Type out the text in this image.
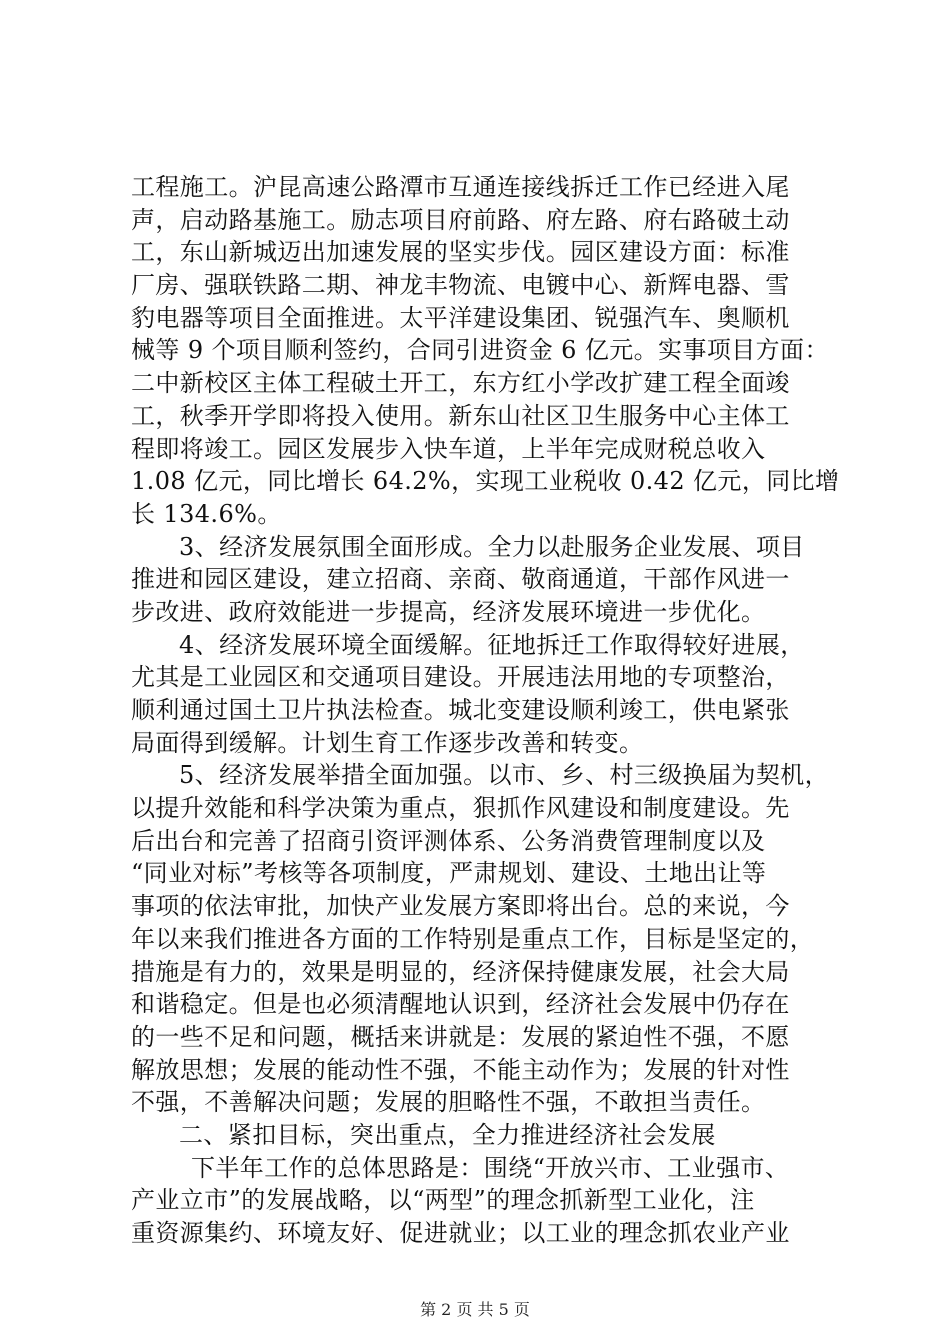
工程施工。沪昆高速公路潭市互通连接线拆迁工作已经进入尾
声，启动路基施工。励志项目府前路、府左路、府右路破土动
工，东山新城迈出加速发展的坚实步伐。园区建设方面：标准
厂房、强联铁路二期、神龙丰物流、电镀中心、新辉电器、雪
豹电器等项目全面推进。太平洋建设集团、锐强汽车、奥顺机
械等 9 个项目顺利签约，合同引进资金 6 亿元。实事项目方面：
二中新校区主体工程破土开工，东方红小学改扩建工程全面竣
工，秋季开学即将投入使用。新东山社区卫生服务中心主体工
程即将竣工。园区发展步入快车道，上半年完成财税总收入
1.08 亿元，同比增长 64.2%，实现工业税收 0.42 亿元，同比增
长 134.6%。
3、经济发展氛围全面形成。全力以赴服务企业发展、项目
推进和园区建设，建立招商、亲商、敬商通道，干部作风进一
步改进、政府效能进一步提高，经济发展环境进一步优化。
4、经济发展环境全面缓解。征地拆迁工作取得较好进展，
尤其是工业园区和交通项目建设。开展违法用地的专项整治，
顺利通过国土卫片执法检查。城北变建设顺利竣工，供电紧张
局面得到缓解。计划生育工作逐步改善和转变。
5、经济发展举措全面加强。以市、乡、村三级换届为契机，
以提升效能和科学决策为重点，狠抓作风建设和制度建设。先
后出台和完善了招商引资评测体系、公务消费管理制度以及
“同业对标”考核等各项制度，严肃规划、建设、土地出让等
事项的依法审批，加快产业发展方案即将出台。总的来说，今
年以来我们推进各方面的工作特别是重点工作，目标是坚定的，
措施是有力的，效果是明显的，经济保持健康发展，社会大局
和谐稳定。但是也必须清醒地认识到，经济社会发展中仍存在
的一些不足和问题，概括来讲就是：发展的紧迫性不强，不愿
解放思想；发展的能动性不强，不能主动作为；发展的针对性
不强，不善解决问题；发展的胆略性不强，不敢担当责任。
二、紧扣目标，突出重点，全力推进经济社会发展
下半年工作的总体思路是：围绕“开放兴市、工业强市、
产业立市”的发展战略，以“两型”的理念抓新型工业化，注
重资源集约、环境友好、促进就业；以工业的理念抓农业产业
第 2 页 共 5 页
